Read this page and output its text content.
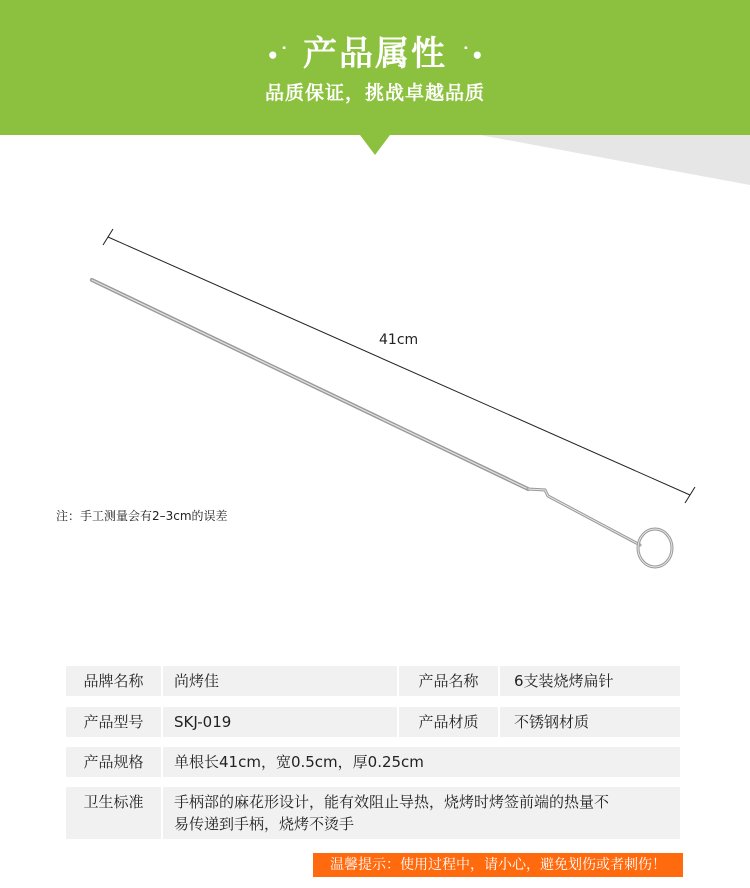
•˙ 产品属性 ˙•
品质保证，挑战卓越品质
41cm
注：手工测量会有2–3cm的误差
品牌名称	尚烤佳	产品名称	6支装烧烤扁针
产品型号	SKJ-019	产品材质	不锈钢材质
产品规格	单根长41cm，宽0.5cm，厚0.25cm
卫生标准	手柄部的麻花形设计，能有效阻止导热，烧烤时烤签前端的热量不
易传递到手柄，烧烤不烫手
温馨提示：使用过程中，请小心，避免划伤或者刺伤！
